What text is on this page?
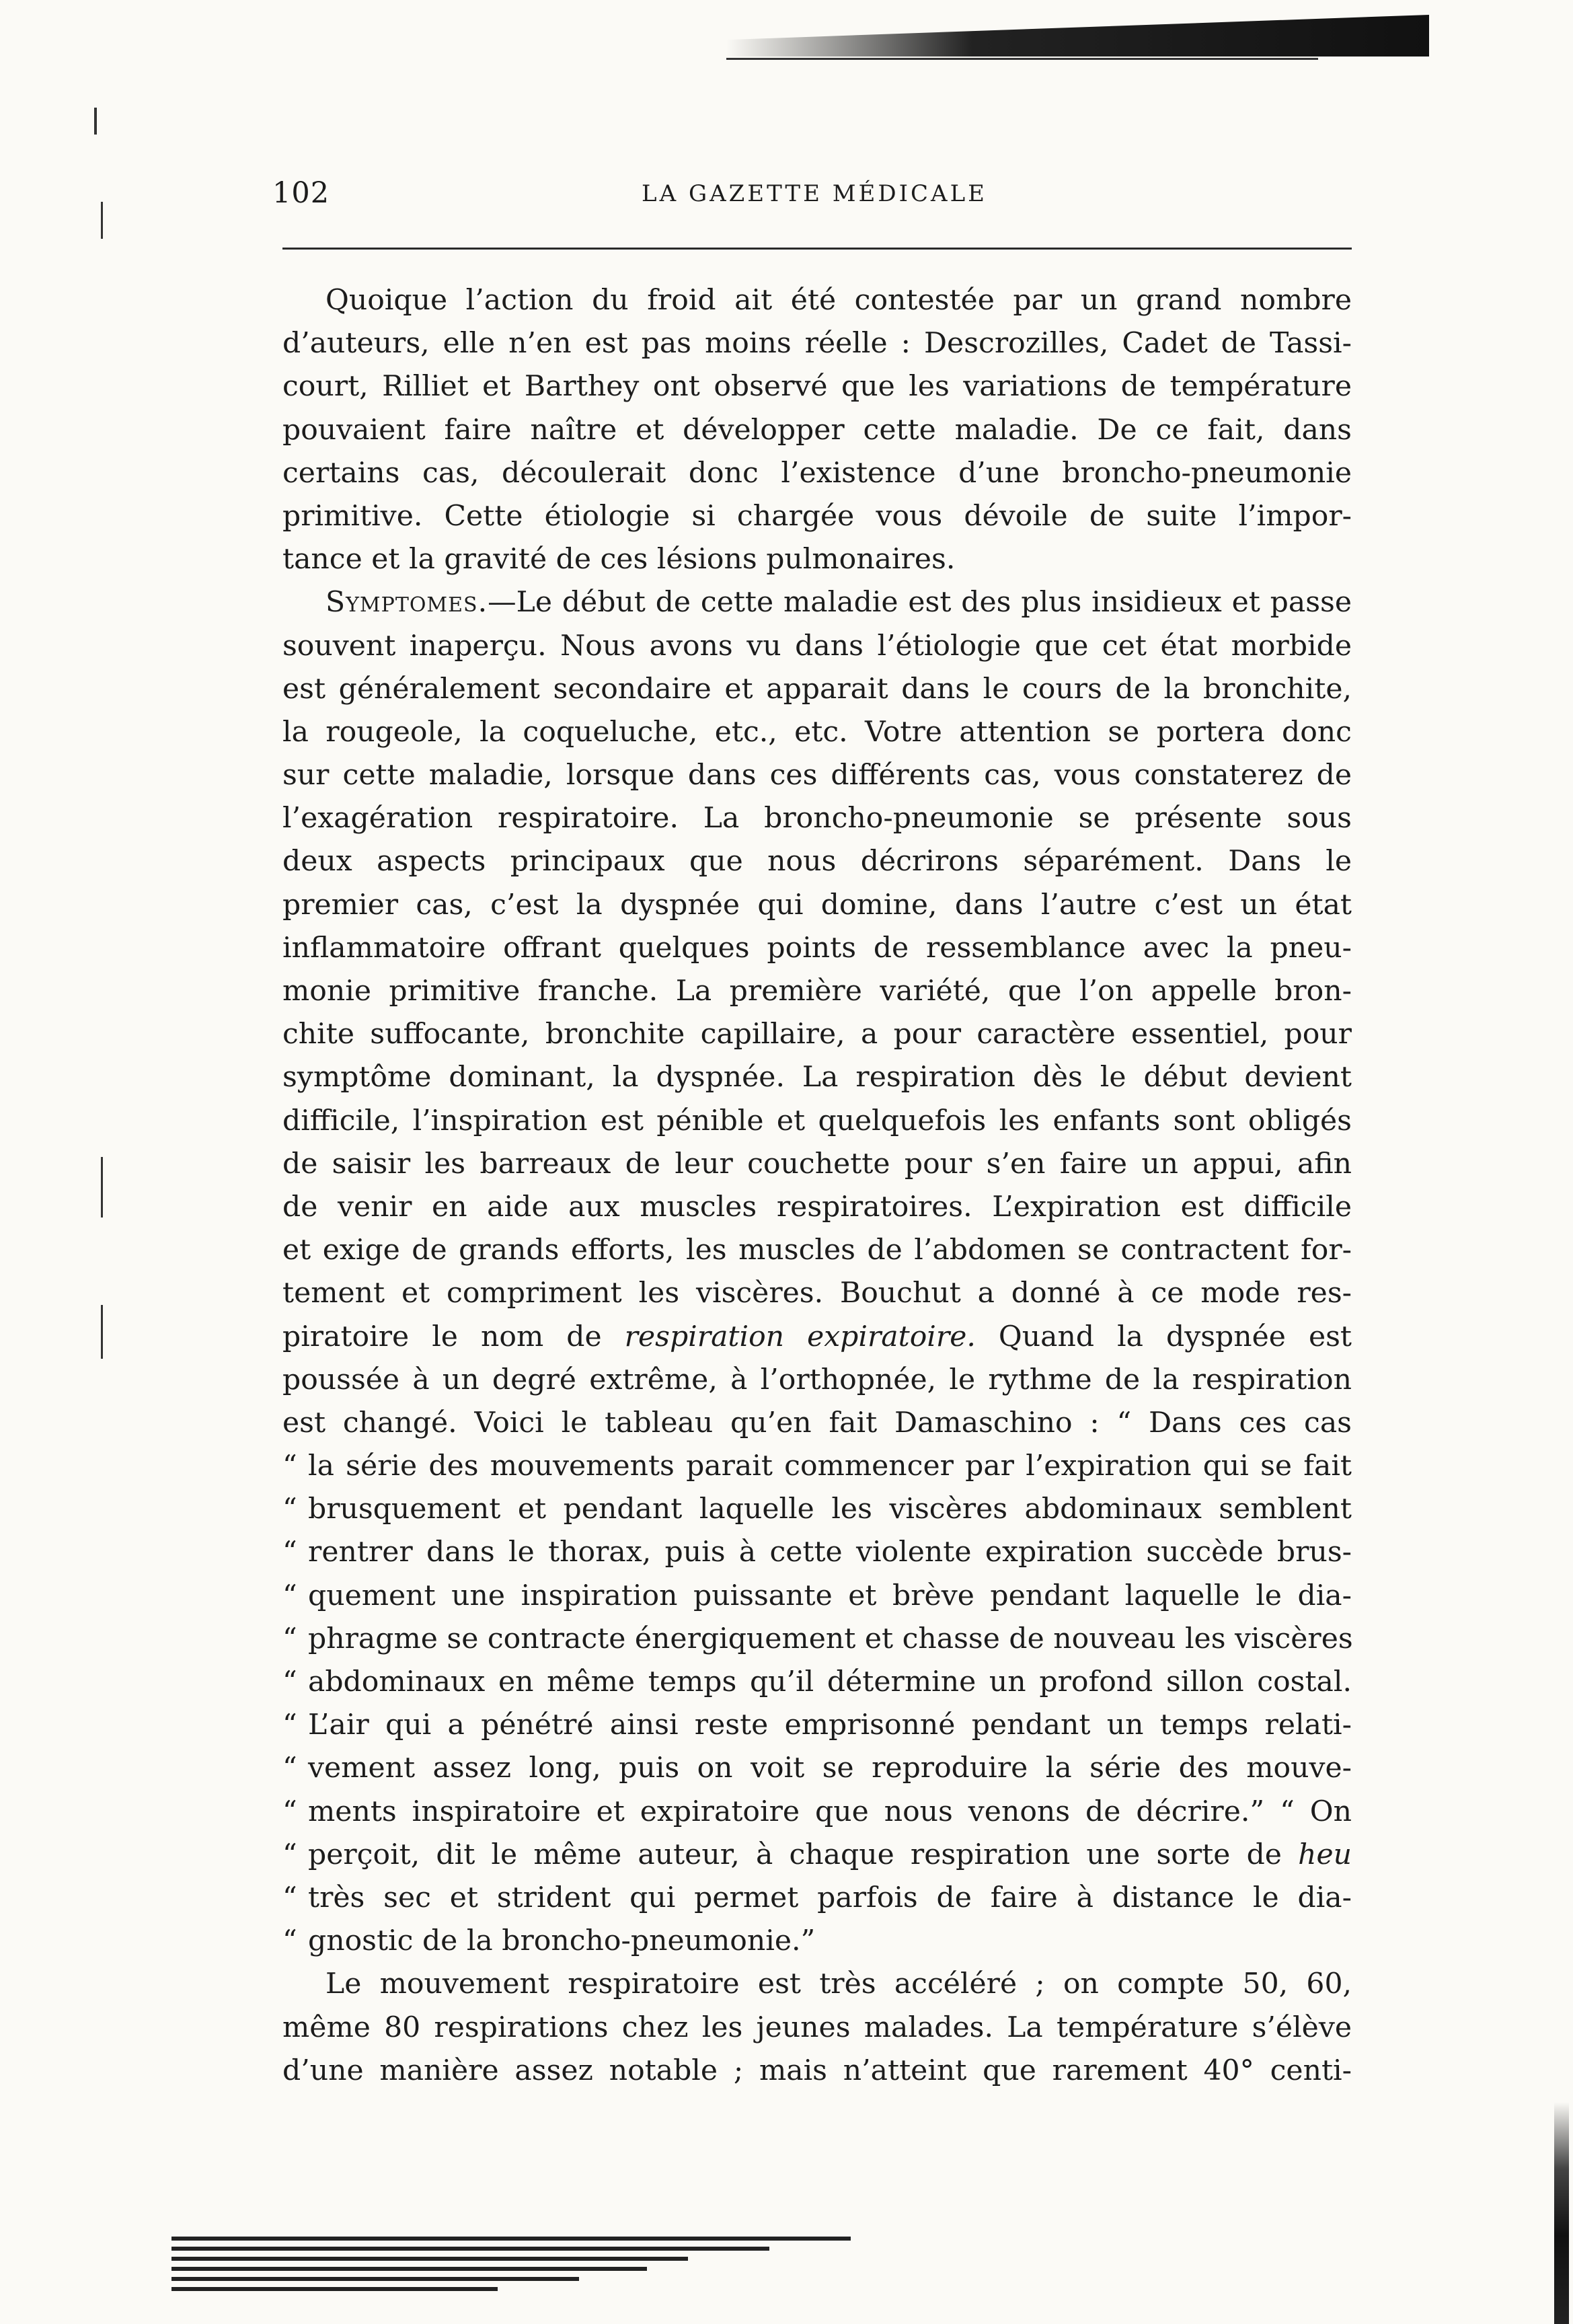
102	LA GAZETTE MÉDICALE
Quoique l’action du froid ait été contestée par un grand nombre
d’auteurs, elle n’en est pas moins réelle : Descrozilles, Cadet de Tassi-
court, Rilliet et Barthey ont observé que les variations de température
pouvaient faire naître et développer cette maladie. De ce fait, dans
certains cas, découlerait donc l’existence d’une broncho-pneumonie
primitive. Cette étiologie si chargée vous dévoile de suite l’impor-
tance et la gravité de ces lésions pulmonaires.
Symptomes.—Le début de cette maladie est des plus insidieux et passe
souvent inaperçu. Nous avons vu dans l’étiologie que cet état morbide
est généralement secondaire et apparait dans le cours de la bronchite,
la rougeole, la coqueluche, etc., etc. Votre attention se portera donc
sur cette maladie, lorsque dans ces différents cas, vous constaterez de
l’exagération respiratoire. La broncho-pneumonie se présente sous
deux aspects principaux que nous décrirons séparément. Dans le
premier cas, c’est la dyspnée qui domine, dans l’autre c’est un état
inflammatoire offrant quelques points de ressemblance avec la pneu-
monie primitive franche. La première variété, que l’on appelle bron-
chite suffocante, bronchite capillaire, a pour caractère essentiel, pour
symptôme dominant, la dyspnée. La respiration dès le début devient
difficile, l’inspiration est pénible et quelquefois les enfants sont obligés
de saisir les barreaux de leur couchette pour s’en faire un appui, afin
de venir en aide aux muscles respiratoires. L’expiration est difficile
et exige de grands efforts, les muscles de l’abdomen se contractent for-
tement et compriment les viscères. Bouchut a donné à ce mode res-
piratoire le nom de respiration expiratoire. Quand la dyspnée est
poussée à un degré extrême, à l’orthopnée, le rythme de la respiration
est changé. Voici le tableau qu’en fait Damaschino : “ Dans ces cas
“ la série des mouvements parait commencer par l’expiration qui se fait
“ brusquement et pendant laquelle les viscères abdominaux semblent
“ rentrer dans le thorax, puis à cette violente expiration succède brus-
“ quement une inspiration puissante et brève pendant laquelle le dia-
“ phragme se contracte énergiquement et chasse de nouveau les viscères
“ abdominaux en même temps qu’il détermine un profond sillon costal.
“ L’air qui a pénétré ainsi reste emprisonné pendant un temps relati-
“ vement assez long, puis on voit se reproduire la série des mouve-
“ ments inspiratoire et expiratoire que nous venons de décrire.” “ On
“ perçoit, dit le même auteur, à chaque respiration une sorte de heu
“ très sec et strident qui permet parfois de faire à distance le dia-
“ gnostic de la broncho-pneumonie.”
Le mouvement respiratoire est très accéléré ; on compte 50, 60,
même 80 respirations chez les jeunes malades. La température s’élève
d’une manière assez notable ; mais n’atteint que rarement 40° centi-
